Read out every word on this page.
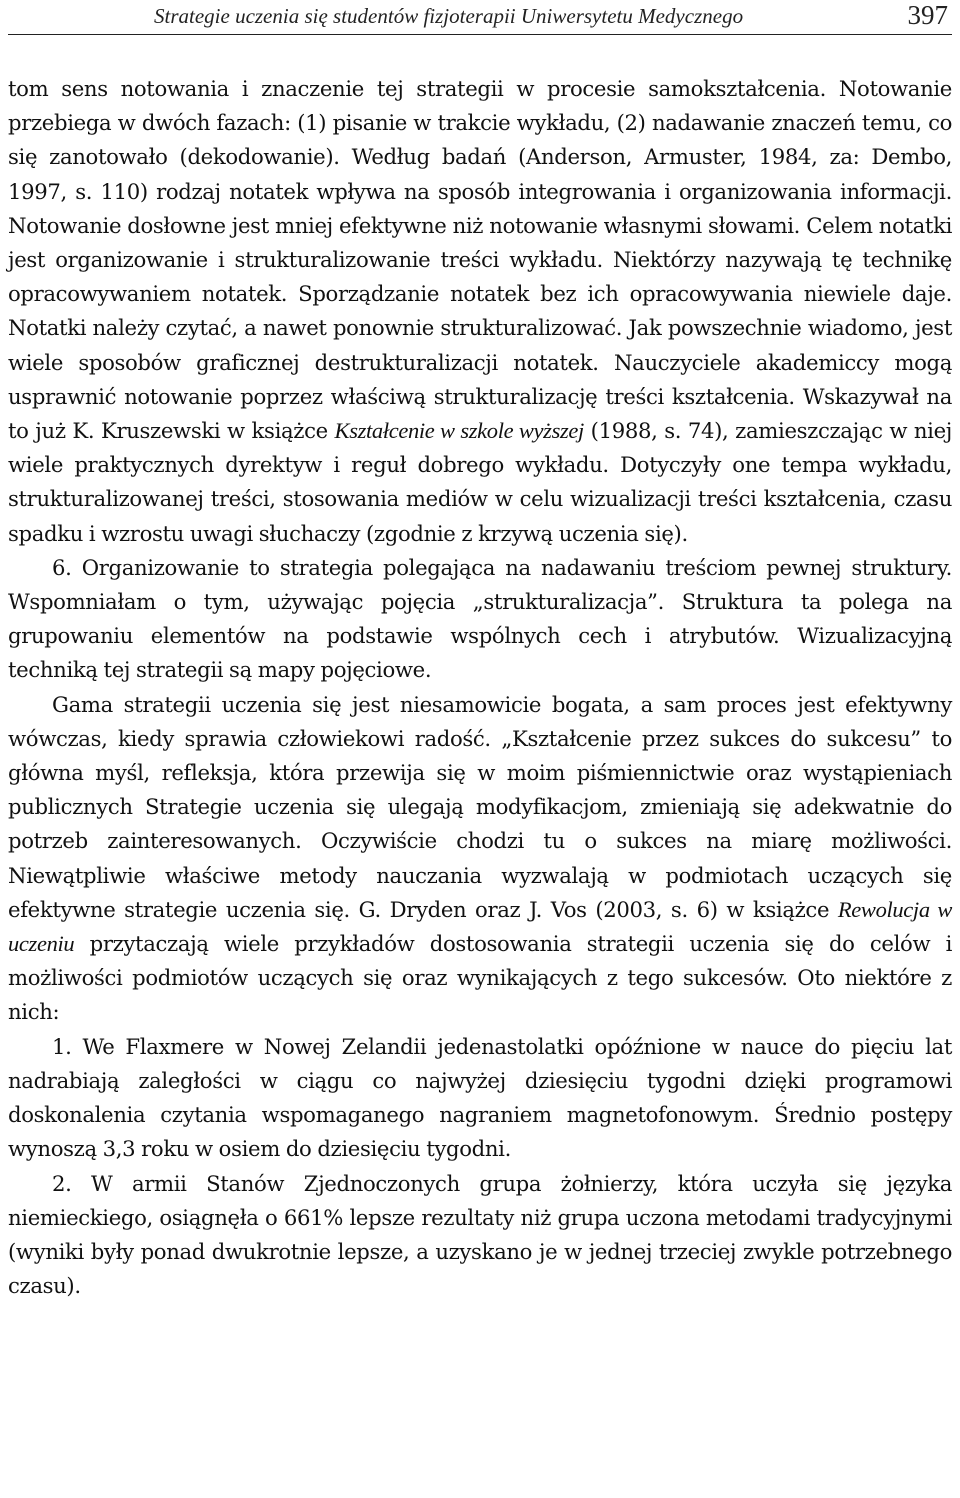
Strategie uczenia się studentów fizjoterapii Uniwersytetu Medycznego	397

tom sens notowania i znaczenie tej strategii w procesie samokształcenia. Notowanie przebiega w dwóch fazach: (1) pisanie w trakcie wykładu, (2) nadawanie znaczeń temu, co się zanotowało (dekodowanie). Według badań (Anderson, Armuster, 1984, za: Dembo, 1997, s. 110) rodzaj notatek wpływa na sposób integrowania i organizowania informacji. Notowanie dosłowne jest mniej efektywne niż notowanie własnymi słowami. Celem notatki jest organizowanie i strukturalizowanie treści wykładu. Niektórzy nazywają tę technikę opracowywaniem notatek. Sporządzanie notatek bez ich opracowywania niewiele daje. Notatki należy czytać, a nawet ponownie strukturalizować. Jak powszechnie wiadomo, jest wiele sposobów graficznej destrukturalizacji notatek. Nauczyciele akademiccy mogą usprawnić notowanie poprzez właściwą strukturalizację treści kształcenia. Wskazywał na to już K. Kruszewski w książce Kształcenie w szkole wyższej (1988, s. 74), zamieszczając w niej wiele praktycznych dyrektyw i reguł dobrego wykładu. Dotyczyły one tempa wykładu, strukturalizowanej treści, stosowania mediów w celu wizualizacji treści kształcenia, czasu spadku i wzrostu uwagi słuchaczy (zgodnie z krzywą uczenia się).

6. Organizowanie to strategia polegająca na nadawaniu treściom pewnej struktury. Wspomniałam o tym, używając pojęcia „strukturalizacja”. Struktura ta polega na grupowaniu elementów na podstawie wspólnych cech i atrybutów. Wizualizacyjną techniką tej strategii są mapy pojęciowe.

Gama strategii uczenia się jest niesamowicie bogata, a sam proces jest efektywny wówczas, kiedy sprawia człowiekowi radość. „Kształcenie przez sukces do sukcesu” to główna myśl, refleksja, która przewija się w moim piśmiennictwie oraz wystąpieniach publicznych Strategie uczenia się ulegają modyfikacjom, zmieniają się adekwatnie do potrzeb zainteresowanych. Oczywiście chodzi tu o sukces na miarę możliwości. Niewątpliwie właściwe metody nauczania wyzwalają w podmiotach uczących się efektywne strategie uczenia się. G. Dryden oraz J. Vos (2003, s. 6) w książce Rewolucja w uczeniu przytaczają wiele przykładów dostosowania strategii uczenia się do celów i możliwości podmiotów uczących się oraz wynikających z tego sukcesów. Oto niektóre z nich:

1. We Flaxmere w Nowej Zelandii jedenastolatki opóźnione w nauce do pięciu lat nadrabiają zaległości w ciągu co najwyżej dziesięciu tygodni dzięki programowi doskonalenia czytania wspomaganego nagraniem magnetofonowym. Średnio postępy wynoszą 3,3 roku w osiem do dziesięciu tygodni.

2. W armii Stanów Zjednoczonych grupa żołnierzy, która uczyła się języka niemieckiego, osiągnęła o 661% lepsze rezultaty niż grupa uczona metodami tradycyjnymi (wyniki były ponad dwukrotnie lepsze, a uzyskano je w jednej trzeciej zwykle potrzebnego czasu).
